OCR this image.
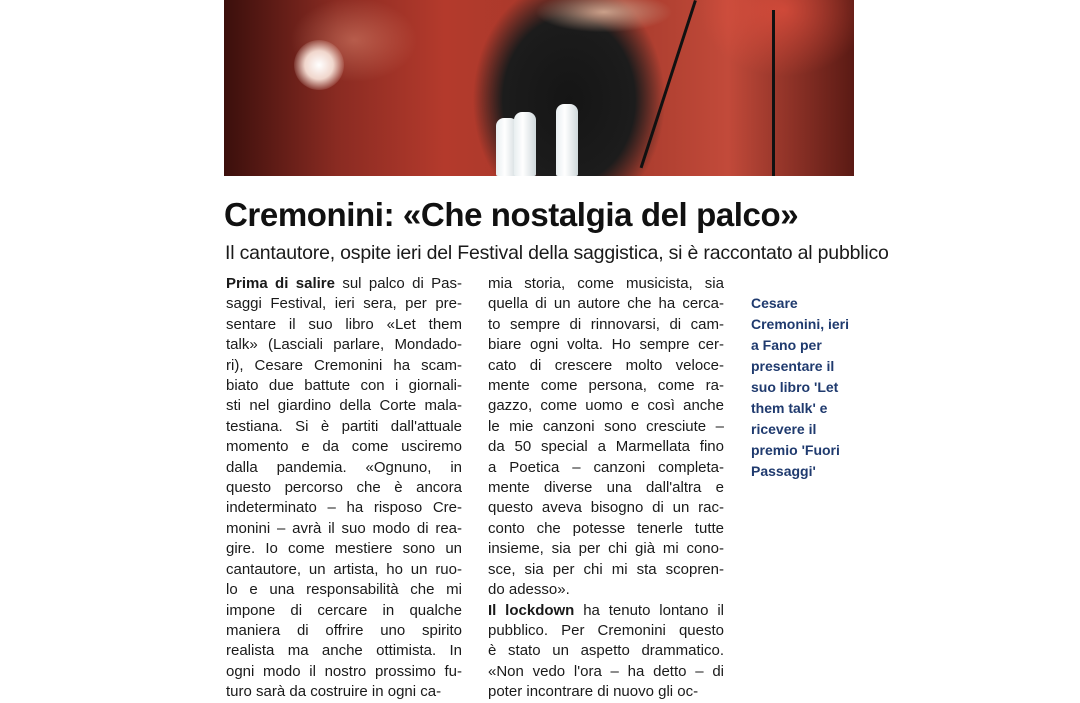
Cremonini: «Che nostalgia del palco»

Il cantautore, ospite ieri del Festival della saggistica, si è raccontato al pubblico

Prima di salire sul palco di Pas-
saggi Festival, ieri sera, per pre-
sentare il suo libro «Let them
talk» (Lasciali parlare, Mondado-
ri), Cesare Cremonini ha scam-
biato due battute con i giornali-
sti nel giardino della Corte mala-
testiana. Si è partiti dall'attuale
momento e da come usciremo
dalla pandemia. «Ognuno, in
questo percorso che è ancora
indeterminato – ha risposo Cre-
monini – avrà il suo modo di rea-
gire. Io come mestiere sono un
cantautore, un artista, ho un ruo-
lo e una responsabilità che mi
impone di cercare in qualche
maniera di offrire uno spirito
realista ma anche ottimista. In
ogni modo il nostro prossimo fu-
turo sarà da costruire in ogni ca-
mia storia, come musicista, sia
quella di un autore che ha cerca-
to sempre di rinnovarsi, di cam-
biare ogni volta. Ho sempre cer-
cato di crescere molto veloce-
mente come persona, come ra-
gazzo, come uomo e così anche
le mie canzoni sono cresciute –
da 50 special a Marmellata fino
a Poetica – canzoni completa-
mente diverse una dall'altra e
questo aveva bisogno di un rac-
conto che potesse tenerle tutte
insieme, sia per chi già mi cono-
sce, sia per chi mi sta scopren-
do adesso».
Il lockdown ha tenuto lontano il
pubblico. Per Cremonini questo
è stato un aspetto drammatico.
«Non vedo l'ora – ha detto – di
poter incontrare di nuovo gli oc-
Cesare
Cremonini, ieri
a Fano per
presentare il
suo libro 'Let
them talk' e
ricevere il
premio 'Fuori
Passaggi'
